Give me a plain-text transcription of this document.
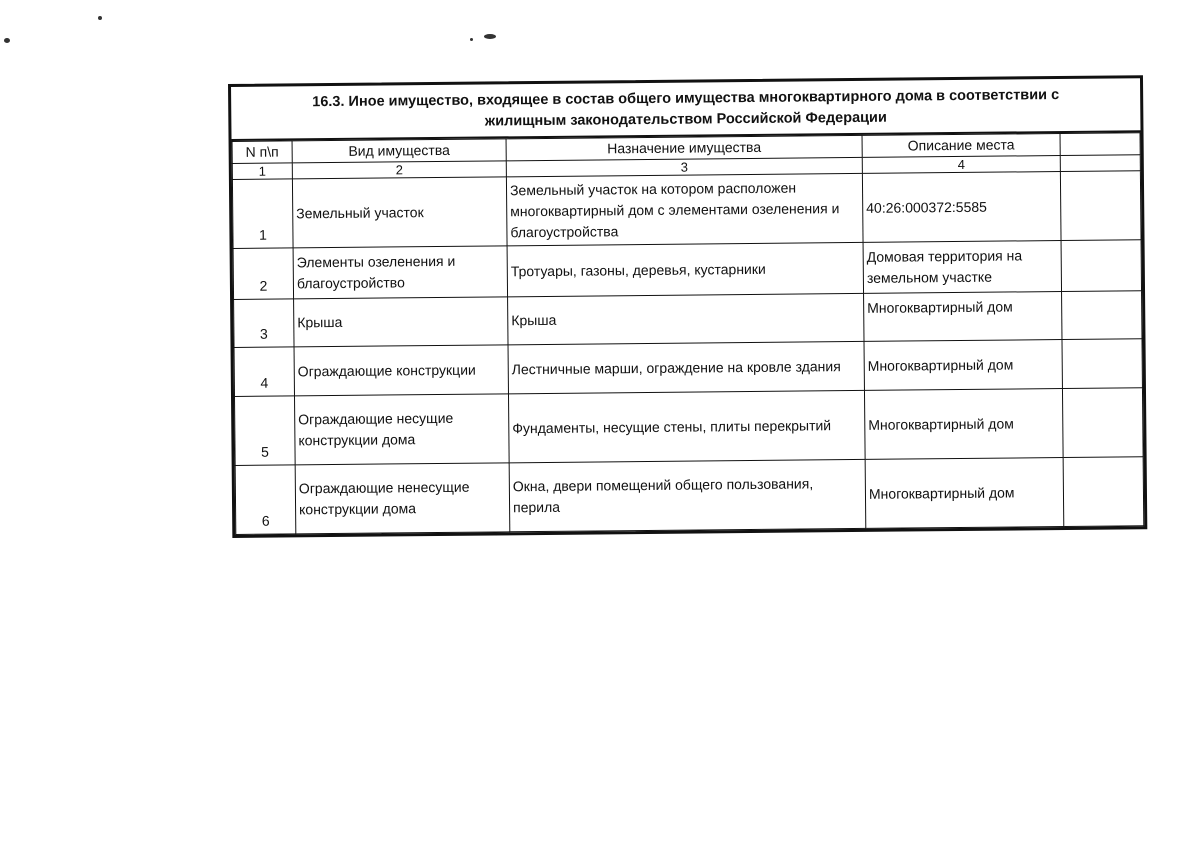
16.3. Иное имущество, входящее в состав общего имущества многоквартирного дома в соответствии с жилищным законодательством Российской Федерации
N п\п	Вид имущества	Назначение имущества	Описание места	
1	2	3	4	
1	Земельный участок	Земельный участок на котором расположен многоквартирный дом с элементами озеленения и благоустройства	40:26:000372:5585	
2	Элементы озеленения и благоустройство	Тротуары, газоны, деревья, кустарники	Домовая территория на земельном участке	
3	Крыша	Крыша	Многоквартирный дом	
4	Ограждающие конструкции	Лестничные марши, ограждение на кровле здания	Многоквартирный дом	
5	Ограждающие несущие конструкции дома	Фундаменты, несущие стены, плиты перекрытий	Многоквартирный дом	
6	Ограждающие ненесущие конструкции дома	Окна, двери помещений общего пользования, перила	Многоквартирный дом	
